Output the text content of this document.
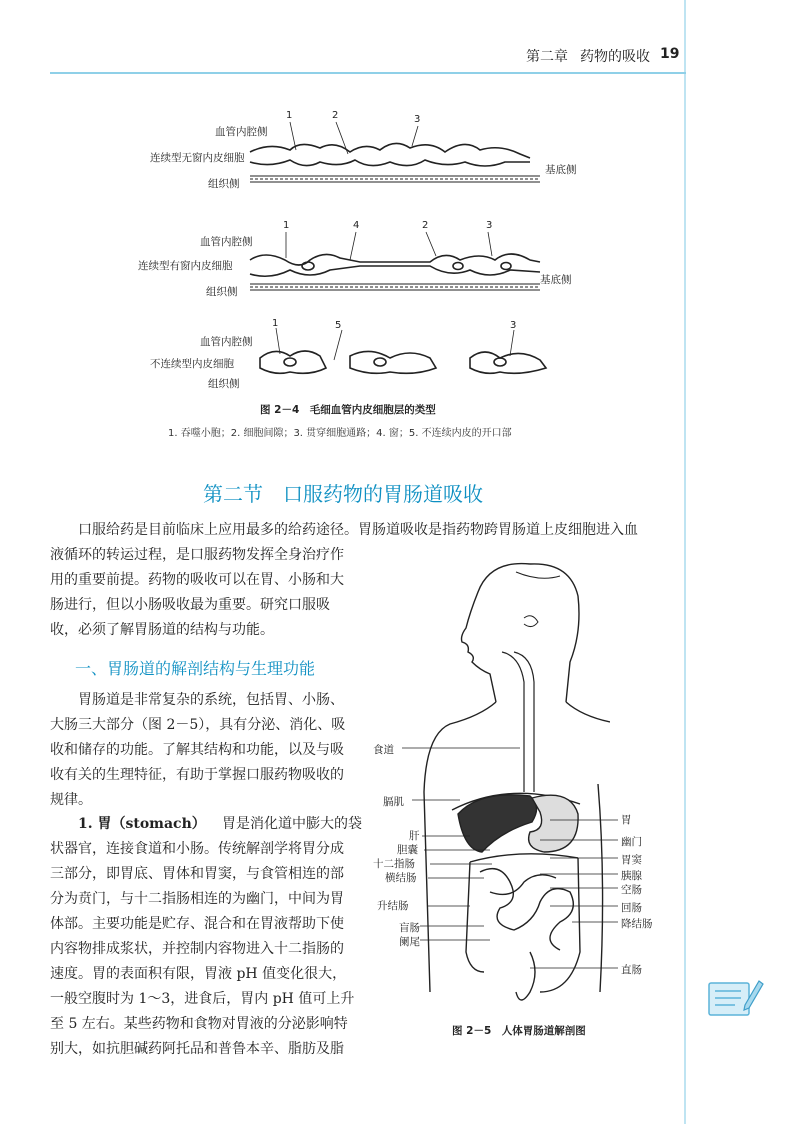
第二章 药物的吸收 19
血管内腔侧
连续型无窗内皮细胞
组织侧
基底侧
1	2	3
血管内腔侧
连续型有窗内皮细胞
组织侧
基底侧
1	4	2	3
血管内腔侧
不连续型内皮细胞
组织侧
1	5	3
图 2－4　毛细血管内皮细胞层的类型
1. 吞噬小胞；2. 细胞间隙；3. 贯穿细胞通路；4. 窗；5. 不连续内皮的开口部
第二节　口服药物的胃肠道吸收
口服给药是目前临床上应用最多的给药途径。胃肠道吸收是指药物跨胃肠道上皮细胞进入血
液循环的转运过程，是口服药物发挥全身治疗作
用的重要前提。药物的吸收可以在胃、小肠和大
肠进行，但以小肠吸收最为重要。研究口服吸
收，必须了解胃肠道的结构与功能。
一、胃肠道的解剖结构与生理功能
胃肠道是非常复杂的系统，包括胃、小肠、
大肠三大部分（图 2－5），具有分泌、消化、吸
收和储存的功能。了解其结构和功能，以及与吸
收有关的生理特征，有助于掌握口服药物吸收的
规律。
1. 胃（stomach） 胃是消化道中膨大的袋
状器官，连接食道和小肠。传统解剖学将胃分成
三部分，即胃底、胃体和胃窦，与食管相连的部
分为贲门，与十二指肠相连的为幽门，中间为胃
体部。主要功能是贮存、混合和在胃液帮助下使
内容物排成浆状，并控制内容物进入十二指肠的
速度。胃的表面积有限，胃液 pH 值变化很大，
一般空腹时为 1～3，进食后，胃内 pH 值可上升
至 5 左右。某些药物和食物对胃液的分泌影响特
别大，如抗胆碱药阿托品和普鲁本辛、脂肪及脂
食道
膈肌
肝
胆囊
十二指肠
横结肠
升结肠
盲肠
阑尾
胃
幽门
胃窦
胰腺
空肠
回肠
降结肠
直肠
图 2－5　人体胃肠道解剖图
